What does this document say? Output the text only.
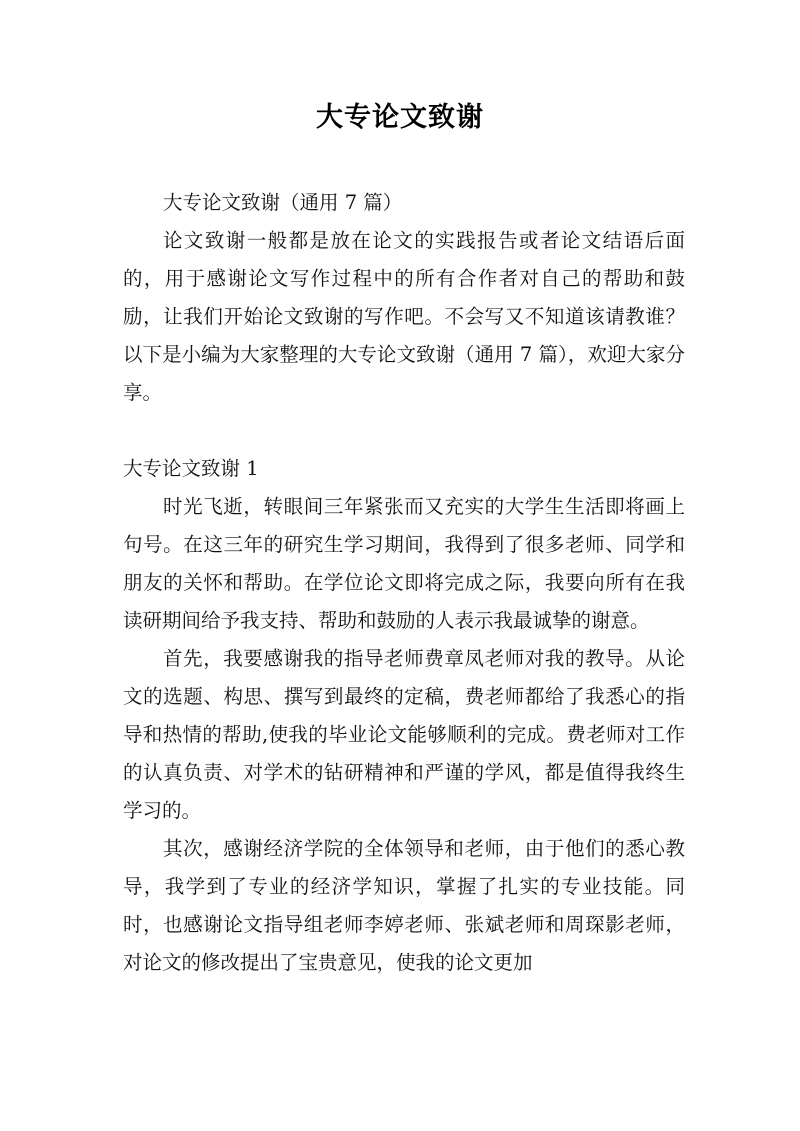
大专论文致谢

大专论文致谢（通用 7 篇）

论文致谢一般都是放在论文的实践报告或者论文结语后面的，用于感谢论文写作过程中的所有合作者对自己的帮助和鼓励，让我们开始论文致谢的写作吧。不会写又不知道该请教谁？以下是小编为大家整理的大专论文致谢（通用 7 篇），欢迎大家分享。

大专论文致谢 1

时光飞逝，转眼间三年紧张而又充实的大学生生活即将画上句号。在这三年的研究生学习期间，我得到了很多老师、同学和朋友的关怀和帮助。在学位论文即将完成之际，我要向所有在我读研期间给予我支持、帮助和鼓励的人表示我最诚挚的谢意。

首先，我要感谢我的指导老师费章凤老师对我的教导。从论文的选题、构思、撰写到最终的定稿，费老师都给了我悉心的指导和热情的帮助,使我的毕业论文能够顺利的完成。费老师对工作的认真负责、对学术的钻研精神和严谨的学风，都是值得我终生学习的。

其次，感谢经济学院的全体领导和老师，由于他们的悉心教导，我学到了专业的经济学知识，掌握了扎实的专业技能。同时，也感谢论文指导组老师李婷老师、张斌老师和周琛影老师，对论文的修改提出了宝贵意见，使我的论文更加
